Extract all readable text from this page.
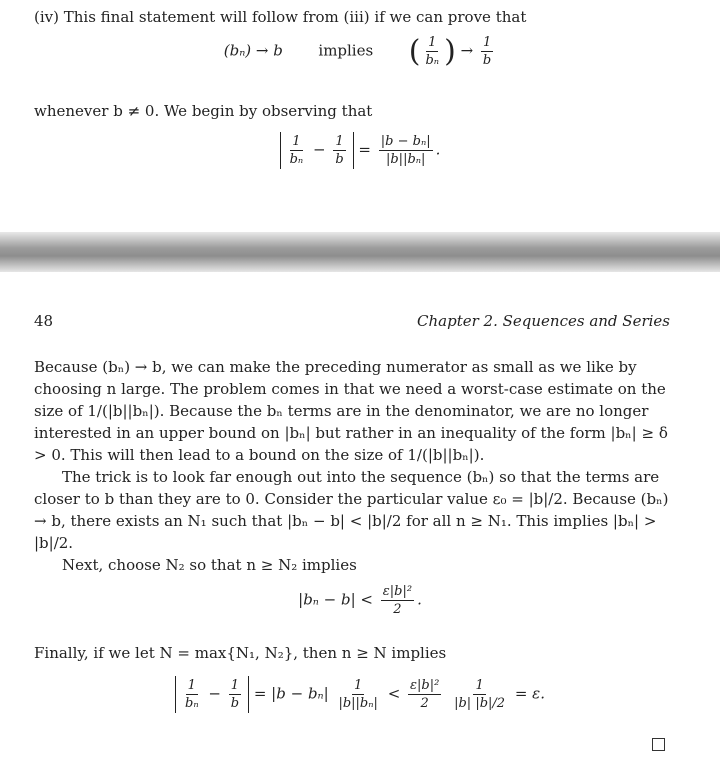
(iv) This final statement will follow from (iii) if we can prove that

(bₙ) → b implies ( $\frac{1}{\text{bₙ}}$ ) → $\frac{1}{b}$

whenever b ≠ 0. We begin by observing that

$\frac{1}{\text{bₙ}} - \frac{1}{b} = \frac{\text{|b − bₙ|}}{\text{|b||bₙ|}}$ .
48	Chapter 2. Sequences and Series

Because (bₙ) → b, we can make the preceding numerator as small as we like by choosing n large. The problem comes in that we need a worst-case estimate on the size of 1/(|b||bₙ|). Because the bₙ terms are in the denominator, we are no longer interested in an upper bound on |bₙ| but rather in an inequality of the form |bₙ| ≥ δ > 0. This will then lead to a bound on the size of 1/(|b||bₙ|).

The trick is to look far enough out into the sequence (bₙ) so that the terms are closer to b than they are to 0. Consider the particular value ε₀ = |b|/2. Because (bₙ) → b, there exists an N₁ such that |bₙ − b| < |b|/2 for all n ≥ N₁. This implies |bₙ| > |b|/2.

Next, choose N₂ so that n ≥ N₂ implies

$|b_n - b| < \frac{\text{ε|b|²}}{2}$ .

Finally, if we let N = max{N₁, N₂}, then n ≥ N implies

$\frac{1}{\text{bₙ}} - \frac{1}{b} = |b - b_n| \frac{1}{\text{|b||bₙ|}} < \frac{\text{ε|b|²}}{2}$
$\frac{1}{|b| |b|/2} = \varepsilon$.
